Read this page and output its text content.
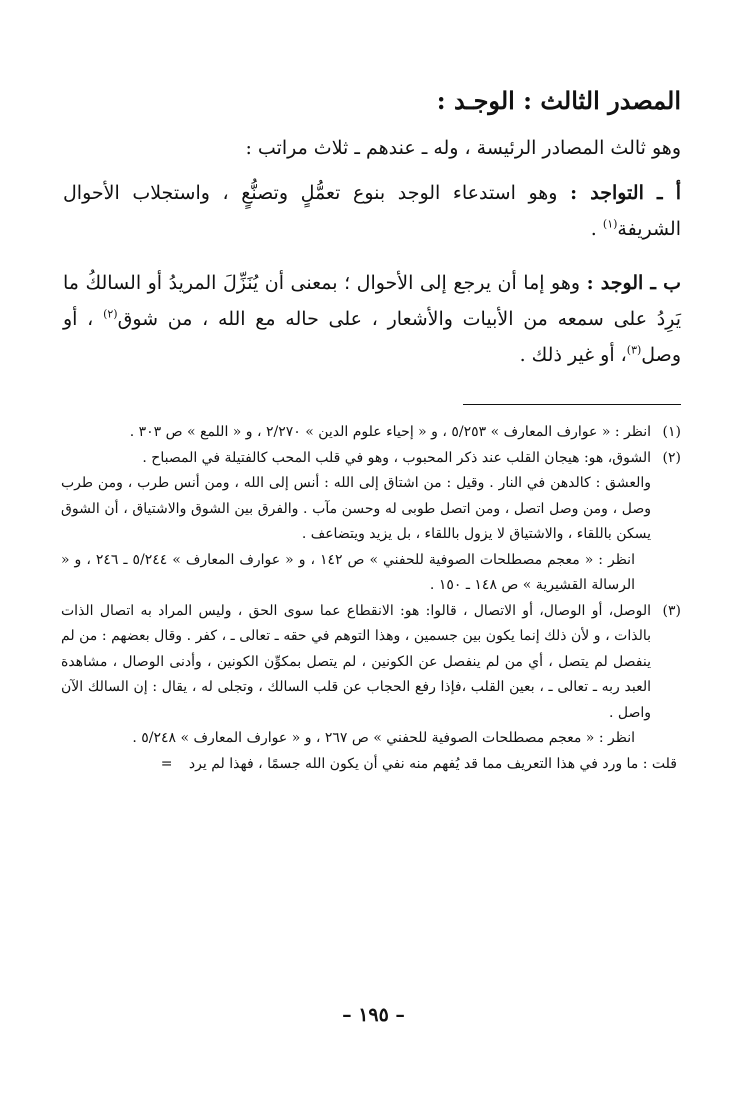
المصدر الثالث : الوجـد :

وهو ثالث المصادر الرئيسة ، وله ـ عندهم ـ ثلاث مراتب :

أ ـ التواجد : وهو استدعاء الوجد بنوع تعمُّلٍ وتصنُّعٍ ، واستجلاب الأحوال الشريفة$^{(١)}$ .

ب ـ الوجد : وهو إما أن يرجع إلى الأحوال ؛ بمعنى أن يُنَزِّلَ المريدُ أو السالكُ ما يَرِدُ على سمعه من الأبيات والأشعار ، على حاله مع الله ، من شوق$^{(٢)}$ ، أو وصل$^{(٣)}$، أو غير ذلك .

(١)

انظر : « عوارف المعارف » ٥/٢٥٣ ، و « إحياء علوم الدين » ٢/٢٧٠ ، و « اللمع » ص ٣٠٣ .

(٢)

الشوق، هو: هيجان القلب عند ذكر المحبوب ، وهو في قلب المحب كالفتيلة في المصباح .

والعشق : كالدهن في النار . وقيل : من اشتاق إلى الله : أنس إلى الله ، ومن أنس طرب ، ومن طرب وصل ، ومن وصل اتصل ، ومن اتصل طوبى له وحسن مآب . والفرق بين الشوق والاشتياق ، أن الشوق يسكن باللقاء ، والاشتياق لا يزول باللقاء ، بل يزيد ويتضاعف .

انظر : « معجم مصطلحات الصوفية للحفني » ص ١٤٢ ، و « عوارف المعارف » ٥/٢٤٤ ـ ٢٤٦ ، و « الرسالة القشيرية » ص ١٤٨ ـ ١٥٠ .

(٣)

الوصل، أو الوصال، أو الاتصال ، قالوا: هو: الانقطاع عما سوى الحق ، وليس المراد به اتصال الذات بالذات ، و لأن ذلك إنما يكون بين جسمين ، وهذا التوهم في حقه ـ تعالى ـ ، كفر . وقال بعضهم : من لم ينفصل لم يتصل ، أي من لم ينفصل عن الكونين ، لم يتصل بمكوِّن الكونين ، وأدنى الوصال ، مشاهدة العبد ربه ـ تعالى ـ ، بعين القلب ،فإذا رفع الحجاب عن قلب السالك ، وتجلى له ، يقال : إن السالك الآن واصل .

انظر : « معجم مصطلحات الصوفية للحفني » ص ٢٦٧ ، و « عوارف المعارف » ٥/٢٤٨ .

قلت : ما ورد في هذا التعريف مما قد يُفهم منه نفي أن يكون الله جسمًا ، فهذا لم يرد =

– ١٩٥ –
